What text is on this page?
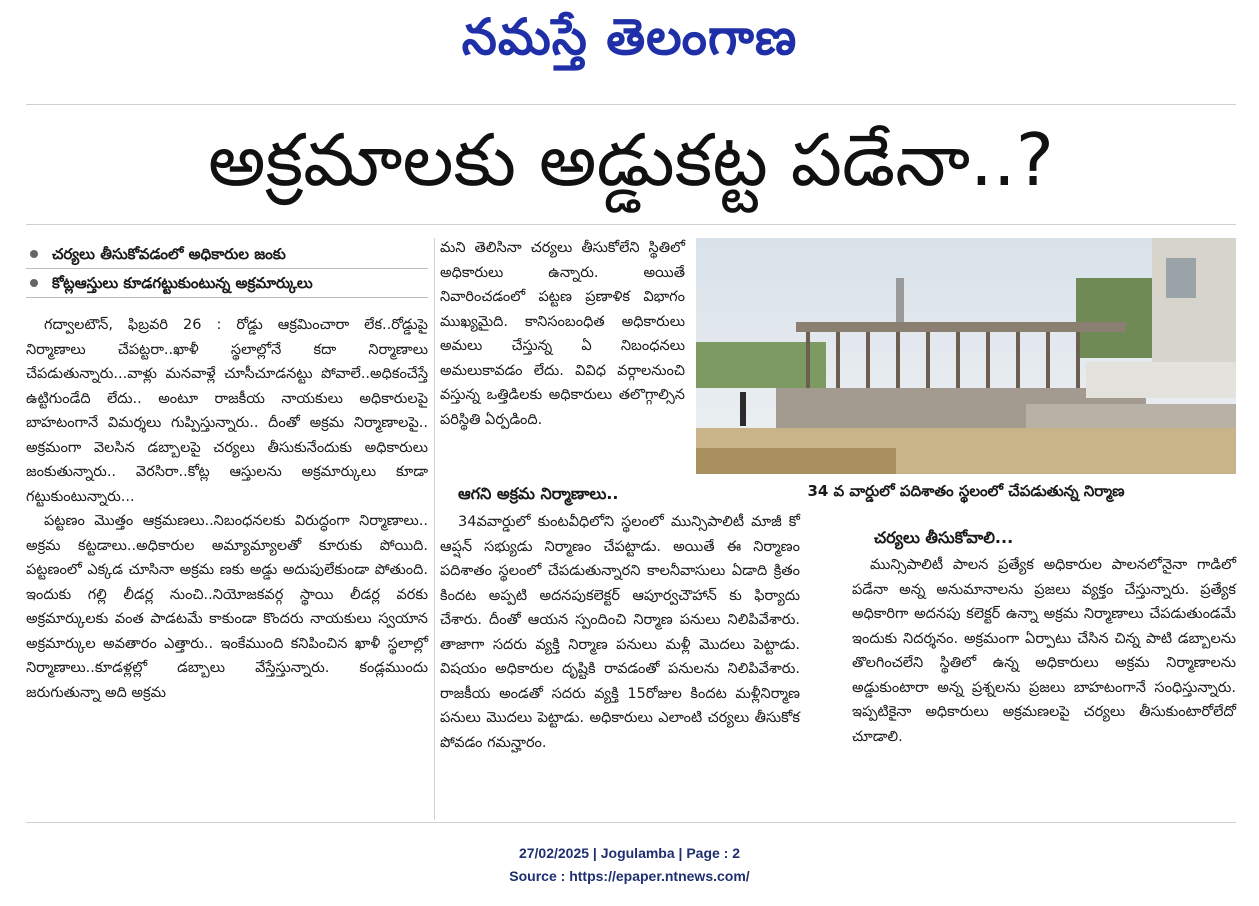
నమస్తే తెలంగాణ
అక్రమాలకు అడ్డుకట్ట పడేనా..?
చర్యలు తీసుకోవడంలో అధికారుల జంకు
కోట్లఆస్తులు కూడగట్టుకుంటున్న అక్రమార్కులు

గద్వాలటౌన్, ఫిబ్రవరి 26 : రోడ్డు ఆక్రమించారా లేక..రోడ్డుపై నిర్మాణాలు చేపట్టరా..ఖాళీ స్థలాల్లోనే కదా నిర్మాణాలు చేపడుతున్నారు...వాళ్లు మనవాళ్లే చూసీచూడనట్టు పోవాలే..అధికంచేస్తే ఉట్టిగుండేది లేదు.. అంటూ రాజకీయ నాయకులు అధికారులపై బాహటంగానే విమర్శలు గుప్పిస్తున్నారు.. దీంతో అక్రమ నిర్మాణాలపై.. అక్రమంగా వెలసిన డబ్బాలపై చర్యలు తీసుకునేందుకు అధికారులు జంకుతున్నారు.. వెరసిరా..కోట్ల ఆస్తులను అక్రమార్కులు కూడా గట్టుకుంటున్నారు...

పట్టణం మొత్తం ఆక్రమణలు..నిబంధనలకు విరుద్ధంగా నిర్మాణాలు.. అక్రమ కట్టడాలు..అధికారుల అమ్యామ్యాలతో కూరుకు పోయిది. పట్టణంలో ఎక్కడ చూసినా అక్రమ ణకు అడ్డు అదుపులేకుండా పోతుంది. ఇందుకు గల్లి లీడర్ల నుంచి..నియోజకవర్గ స్థాయి లీడర్ల వరకు అక్రమార్కులకు వంత పాడటమే కాకుండా కొందరు నాయకులు స్వయాన అక్రమార్కుల అవతారం ఎత్తారు.. ఇంకేముంది కనిపించిన ఖాళీ స్థలాల్లో నిర్మాణాలు..కూడళ్లల్లో డబ్బాలు వేస్తేస్తున్నారు. కండ్లముందు జరుగుతున్నా అది అక్రమ

మని తెలిసినా చర్యలు తీసుకోలేని స్థితిలో అధికారులు ఉన్నారు. అయితే నివారించడంలో పట్టణ ప్రణాళిక విభాగం ముఖ్యమైది. కానిసంబంధిత అధికారులు అమలు చేస్తున్న ఏ నిబంధనలు అమలుకావడం లేదు. వివిధ వర్గాలనుంచి వస్తున్న ఒత్తిడిలకు అధికారులు తలొగ్గాల్సిన పరిస్థితి ఏర్పడింది.

ఆగని అక్రమ నిర్మాణాలు..

34వవార్డులో కుంటవీధిలోని స్థలంలో మున్సిపాలిటీ మాజీ కో ఆప్షన్ సభ్యుడు నిర్మాణం చేపట్టాడు. అయితే ఈ నిర్మాణం పదిశాతం స్థలంలో చేపడుతున్నారని కాలనీవాసులు ఏడాది క్రితం కిందట అప్పటి అదనపుకలెక్టర్ ఆపూర్వచౌహాన్ కు ఫిర్యాదు చేశారు. దీంతో ఆయన స్పందించి నిర్మాణ పనులు నిలిపివేశారు. తాజాగా సదరు వ్యక్తి నిర్మాణ పనులు మళ్లీ మొదలు పెట్టాడు. విషయం అధికారుల దృష్టికి రావడంతో పనులను నిలిపివేశారు. రాజకీయ అండతో సదరు వ్యక్తి 15రోజుల కిందట మళ్లీనిర్మాణ పనులు మొదలు పెట్టాడు. అధికారులు ఎలాంటి చర్యలు తీసుకోక పోవడం గమన్హారం.

34 వ వార్డులో పదిశాతం స్థలంలో చేపడుతున్న నిర్మాణ
చర్యలు తీసుకోవాలి...

మున్సిపాలిటీ పాలన ప్రత్యేక అధికారుల పాలనలోనైనా గాడిలో పడేనా అన్న అనుమానాలను ప్రజలు వ్యక్తం చేస్తున్నారు. ప్రత్యేక అధికారిగా అదనపు కలెక్టర్ ఉన్నా అక్రమ నిర్మాణాలు చేపడుతుండమే ఇందుకు నిదర్శనం. అక్రమంగా ఏర్పాటు చేసిన చిన్న పాటి డబ్బాలను తొలగించలేని స్థితిలో ఉన్న అధికారులు అక్రమ నిర్మాణాలను అడ్డుకుంటారా అన్న ప్రశ్నలను ప్రజలు బాహటంగానే సంధిస్తున్నారు. ఇప్పటికైనా అధికారులు అక్రమణలపై చర్యలు తీసుకుంటారోలేదో చూడాలి.

27/02/2025 | Jogulamba | Page : 2
Source : https://epaper.ntnews.com/
